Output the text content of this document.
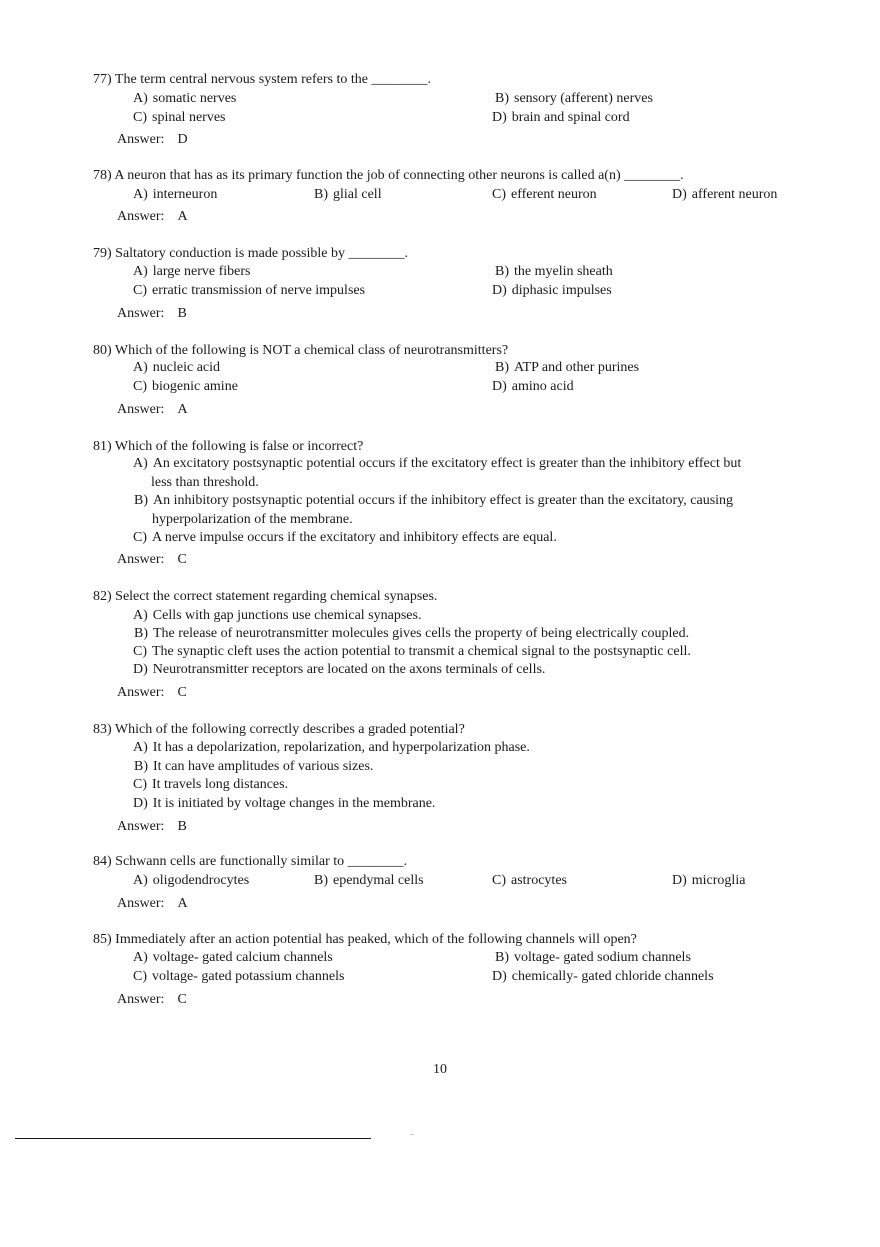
77) The term central nervous system refers to the ________.
A) somatic nerves	B) sensory (afferent) nerves
C) spinal nerves	D) brain and spinal cord
Answer: D
78) A neuron that has as its primary function the job of connecting other neurons is called a(n) ________.
A) interneuron	B) glial cell	C) efferent neuron	D) afferent neuron
Answer: A
79) Saltatory conduction is made possible by ________.
A) large nerve fibers	B) the myelin sheath
C) erratic transmission of nerve impulses	D) diphasic impulses
Answer: B
80) Which of the following is NOT a chemical class of neurotransmitters?
A) nucleic acid	B) ATP and other purines
C) biogenic amine	D) amino acid
Answer: A
81) Which of the following is false or incorrect?
A) An excitatory postsynaptic potential occurs if the excitatory effect is greater than the inhibitory effect but
less than threshold.
B) An inhibitory postsynaptic potential occurs if the inhibitory effect is greater than the excitatory, causing
hyperpolarization of the membrane.
C) A nerve impulse occurs if the excitatory and inhibitory effects are equal.
Answer: C
82) Select the correct statement regarding chemical synapses.
A) Cells with gap junctions use chemical synapses.
B) The release of neurotransmitter molecules gives cells the property of being electrically coupled.
C) The synaptic cleft uses the action potential to transmit a chemical signal to the postsynaptic cell.
D) Neurotransmitter receptors are located on the axons terminals of cells.
Answer: C
83) Which of the following correctly describes a graded potential?
A) It has a depolarization, repolarization, and hyperpolarization phase.
B) It can have amplitudes of various sizes.
C) It travels long distances.
D) It is initiated by voltage changes in the membrane.
Answer: B
84) Schwann cells are functionally similar to ________.
A) oligodendrocytes	B) ependymal cells	C) astrocytes	D) microglia
Answer: A
85) Immediately after an action potential has peaked, which of the following channels will open?
A) voltage- gated calcium channels	B) voltage- gated sodium channels
C) voltage- gated potassium channels	D) chemically- gated chloride channels
Answer: C
10
--
